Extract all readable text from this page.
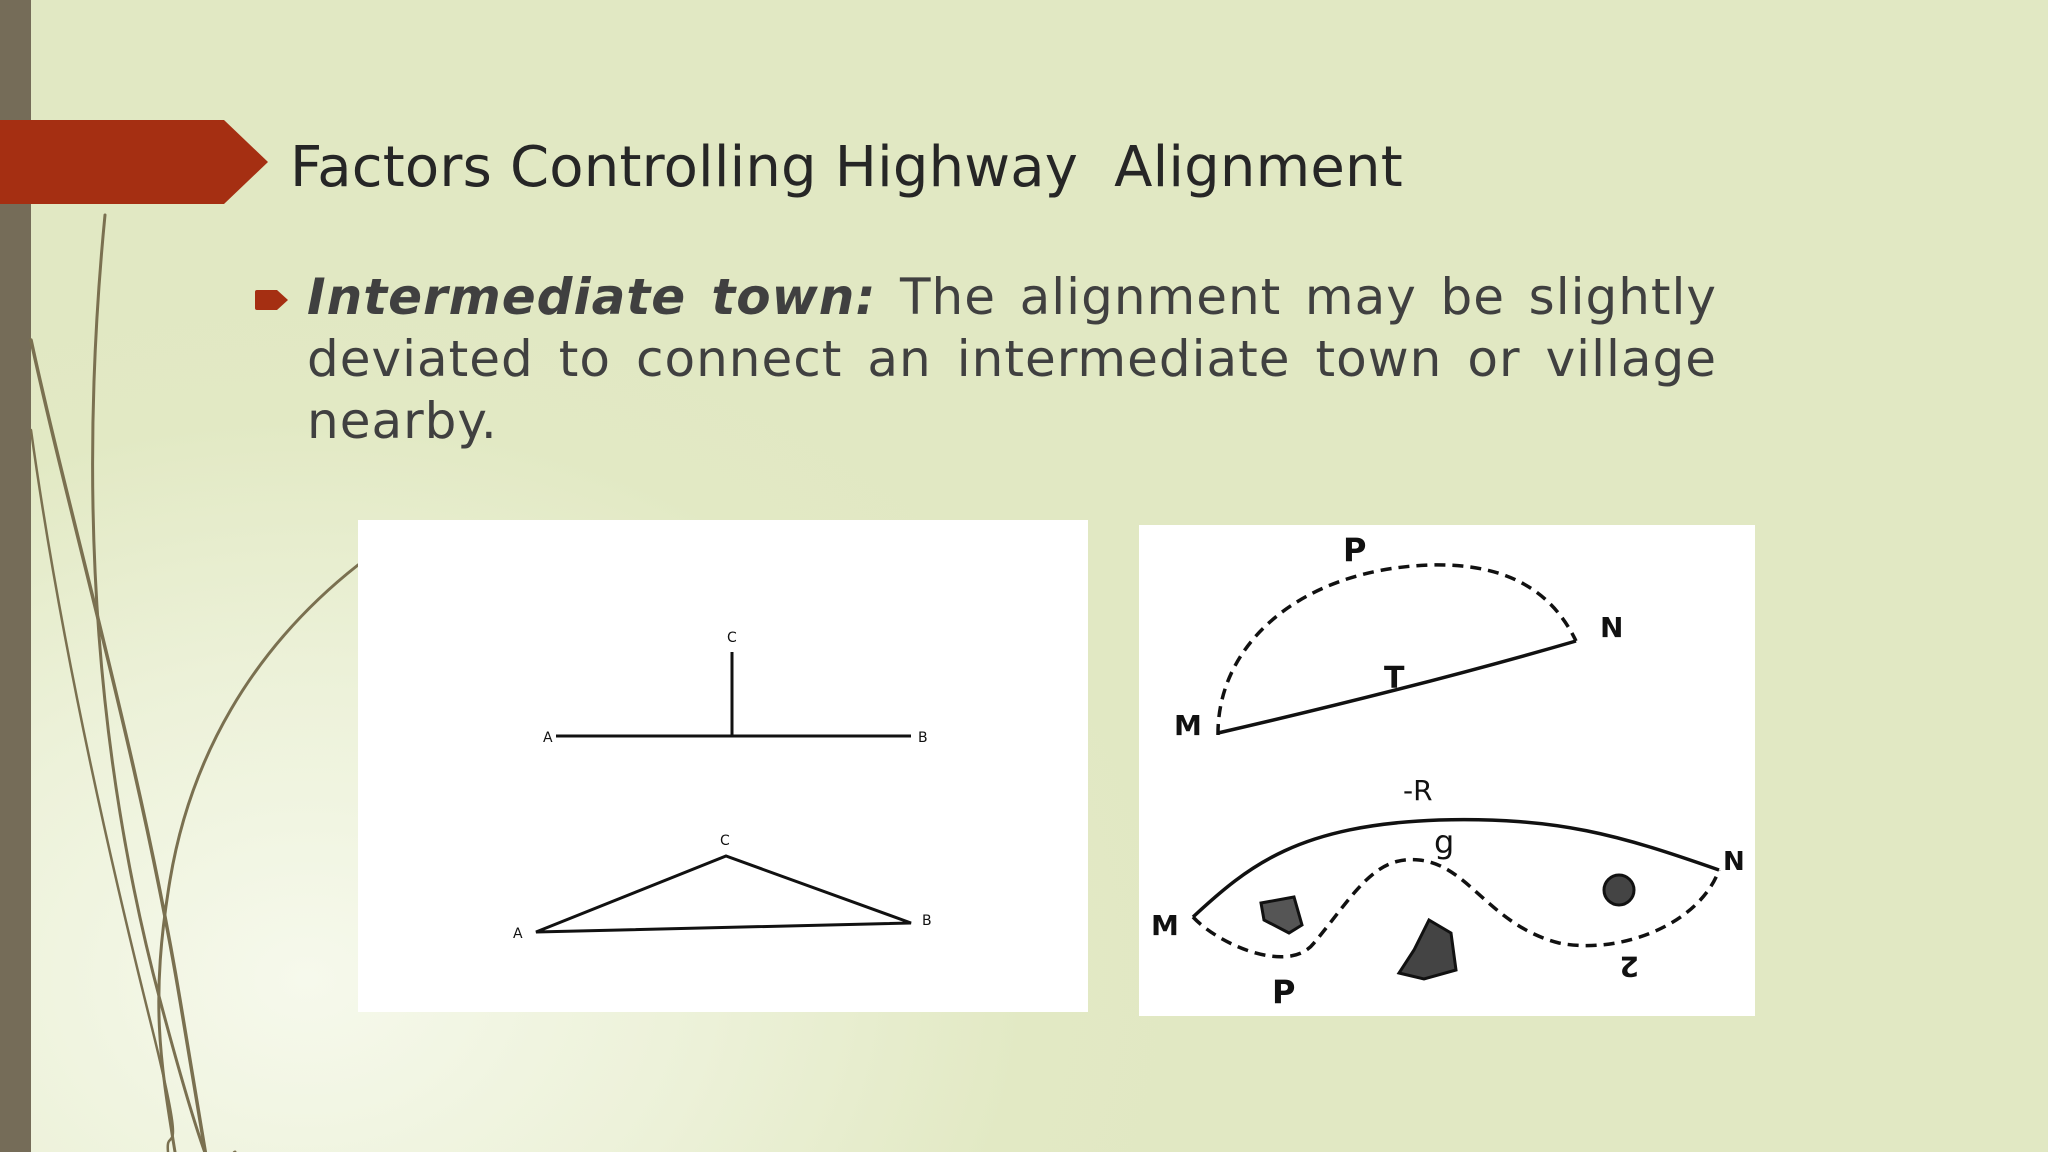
Factors Controlling Highway  Alignment

Intermediate town: The alignment may be slightly deviated to connect an intermediate town or village nearby.

A	B
C
A
B
C
P
N
T
M
-R
g
N
M
P
2
